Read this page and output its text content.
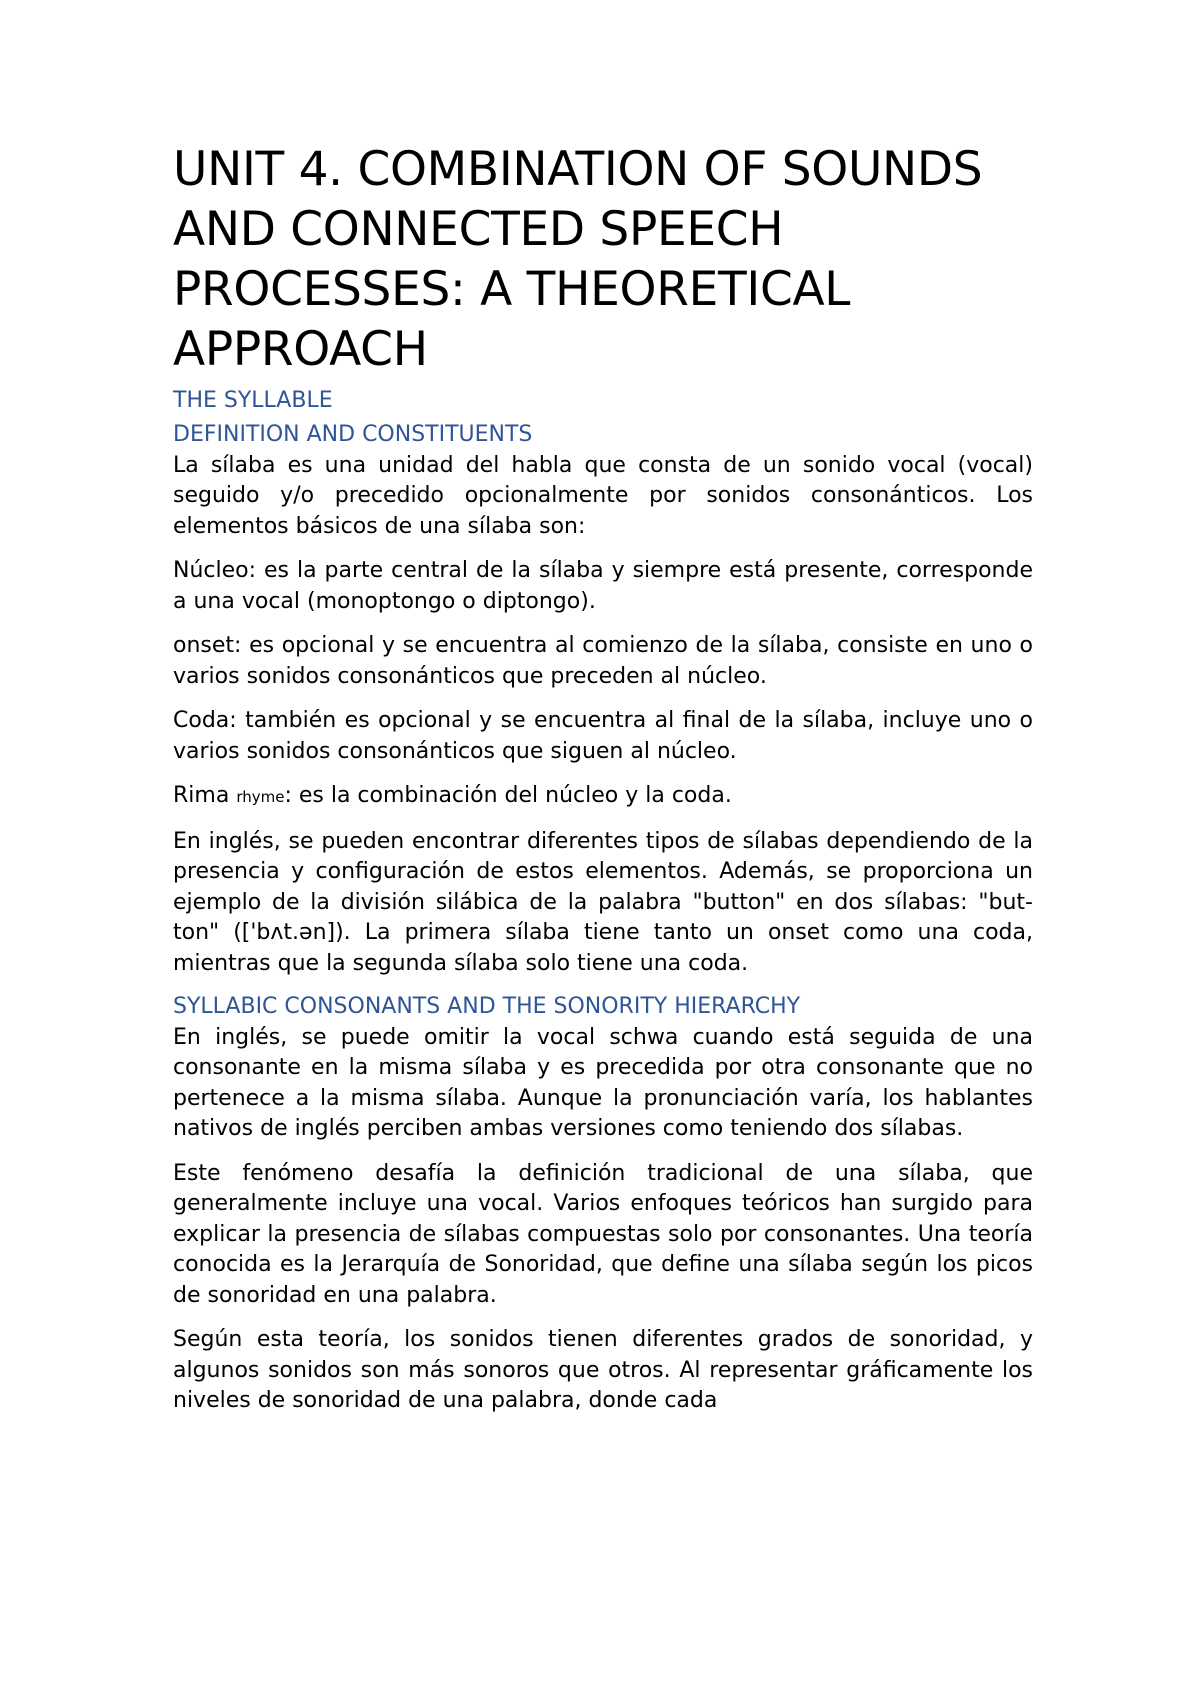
UNIT 4. COMBINATION OF SOUNDS AND CONNECTED SPEECH PROCESSES: A THEORETICAL APPROACH
THE SYLLABLE
DEFINITION AND CONSTITUENTS

La sílaba es una unidad del habla que consta de un sonido vocal (vocal) seguido y/o precedido opcionalmente por sonidos consonánticos. Los elementos básicos de una sílaba son:

Núcleo: es la parte central de la sílaba y siempre está presente, corresponde a una vocal (monoptongo o diptongo).

onset: es opcional y se encuentra al comienzo de la sílaba, consiste en uno o varios sonidos consonánticos que preceden al núcleo.

Coda: también es opcional y se encuentra al final de la sílaba, incluye uno o varios sonidos consonánticos que siguen al núcleo.

Rima rhyme: es la combinación del núcleo y la coda.

En inglés, se pueden encontrar diferentes tipos de sílabas dependiendo de la presencia y configuración de estos elementos. Además, se proporciona un ejemplo de la división silábica de la palabra "button" en dos sílabas: "but-ton" (['bʌt.ən]). La primera sílaba tiene tanto un onset como una coda, mientras que la segunda sílaba solo tiene una coda.

SYLLABIC CONSONANTS AND THE SONORITY HIERARCHY

En inglés, se puede omitir la vocal schwa cuando está seguida de una consonante en la misma sílaba y es precedida por otra consonante que no pertenece a la misma sílaba. Aunque la pronunciación varía, los hablantes nativos de inglés perciben ambas versiones como teniendo dos sílabas.

Este fenómeno desafía la definición tradicional de una sílaba, que generalmente incluye una vocal. Varios enfoques teóricos han surgido para explicar la presencia de sílabas compuestas solo por consonantes. Una teoría conocida es la Jerarquía de Sonoridad, que define una sílaba según los picos de sonoridad en una palabra.

Según esta teoría, los sonidos tienen diferentes grados de sonoridad, y algunos sonidos son más sonoros que otros. Al representar gráficamente los niveles de sonoridad de una palabra, donde cada
